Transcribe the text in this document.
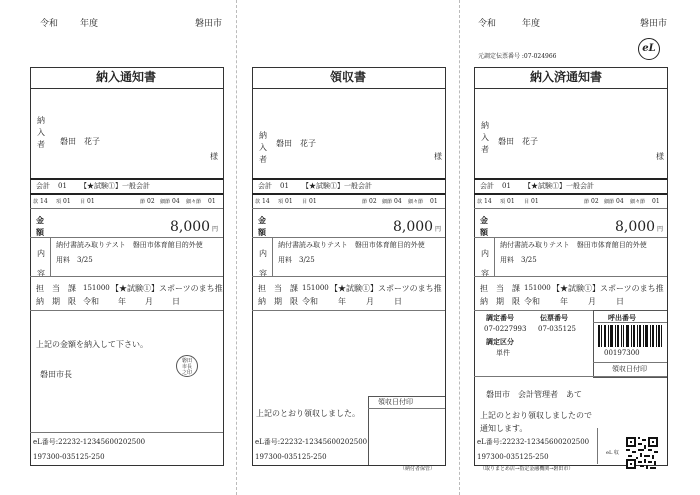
令和 年度	磐田市	令和	年度	磐田市
元調定伝票番号 :07-024966
eL
納入通知書
納
入
者 磐田　花子
様
会計 01 【★試験①】一般会計
款 14 項 01 目 01	節 02 細節 04 細々節 01
金
額	8,000 円
内
容
納付書読み取りテスト　磐田市体育館目的外使
用料　3/25
担　当　課 151000 【★試験①】スポーツのまち推
納　期　限 令和 年 月 日
上記の金額を納入して下さい。
磐田市長
磐田
市長
之印
eL番号:22232-12345600202500
197300-035125-250
領収書
納
入
者
磐田　花子
様
会計 01 【★試験①】一般会計
款 14 項 01 目 01	節 02 細節 04 細々節 01
金
額	8,000 円
内
容
納付書読み取りテスト　磐田市体育館目的外使
用料　3/25
担　当　課 151000 【★試験①】スポーツのまち推
納　期　限 令和	年	月	日
領収日付印
上記のとおり領収しました。
eL番号:22232-12345600202500
197300-035125-250
（納付者保管）
納入済通知書
納
入
者
磐田　花子
様
会計 01 【★試験①】一般会計
款 14 項 01 目 01	節 02 細節 04 細々節 01
金
額	8,000 円
内
容
納付書読み取りテスト　磐田市体育館目的外使
用料　3/25
担　当　課 151000 【★試験①】スポーツのまち推
納　期　限 令和	年	月	日
調定番号	伝票番号
07-0227993 07-035125
調定区分
単件
呼出番号
00197300
領収日付印
磐田市　会計管理者　あて
上記のとおり領収しましたので
通知します。
eL番号:22232-12345600202500
197300-035125-250	eL 収
（取りまとめ店→指定金融機関→磐田市）
